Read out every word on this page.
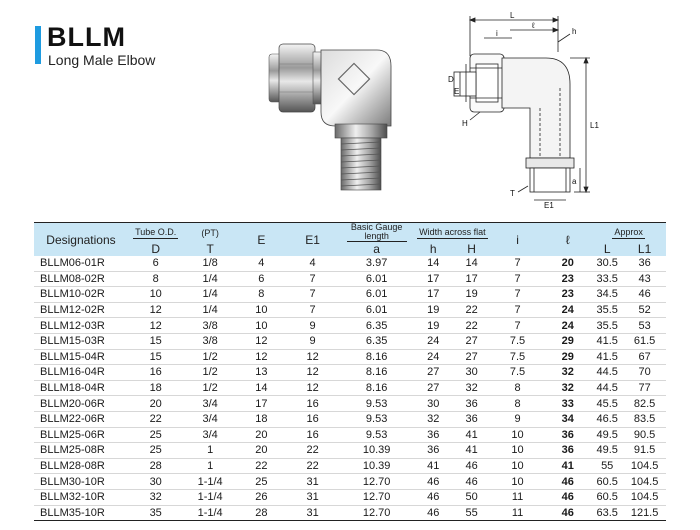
BLLM
Long Male Elbow
L
ℓ
i	h
D
E
H	L1
a
T
E1
Designations	Tube O.D.	(PT)	E	E1	Basic Gauge length	Width across flat		i	ℓ	Approx	
	D	T			a	h	H			L	L1
BLLM06-01R	6	1/8	4	4	3.97	14	14	7	20	30.5	36
BLLM08-02R	8	1/4	6	7	6.01	17	17	7	23	33.5	43
BLLM10-02R	10	1/4	8	7	6.01	17	19	7	23	34.5	46
BLLM12-02R	12	1/4	10	7	6.01	19	22	7	24	35.5	52
BLLM12-03R	12	3/8	10	9	6.35	19	22	7	24	35.5	53
BLLM15-03R	15	3/8	12	9	6.35	24	27	7.5	29	41.5	61.5
BLLM15-04R	15	1/2	12	12	8.16	24	27	7.5	29	41.5	67
BLLM16-04R	16	1/2	13	12	8.16	27	30	7.5	32	44.5	70
BLLM18-04R	18	1/2	14	12	8.16	27	32	8	32	44.5	77
BLLM20-06R	20	3/4	17	16	9.53	30	36	8	33	45.5	82.5
BLLM22-06R	22	3/4	18	16	9.53	32	36	9	34	46.5	83.5
BLLM25-06R	25	3/4	20	16	9.53	36	41	10	36	49.5	90.5
BLLM25-08R	25	1	20	22	10.39	36	41	10	36	49.5	91.5
BLLM28-08R	28	1	22	22	10.39	41	46	10	41	55	104.5
BLLM30-10R	30	1-1/4	25	31	12.70	46	46	10	46	60.5	104.5
BLLM32-10R	32	1-1/4	26	31	12.70	46	50	11	46	60.5	104.5
BLLM35-10R	35	1-1/4	28	31	12.70	46	55	11	46	63.5	121.5
